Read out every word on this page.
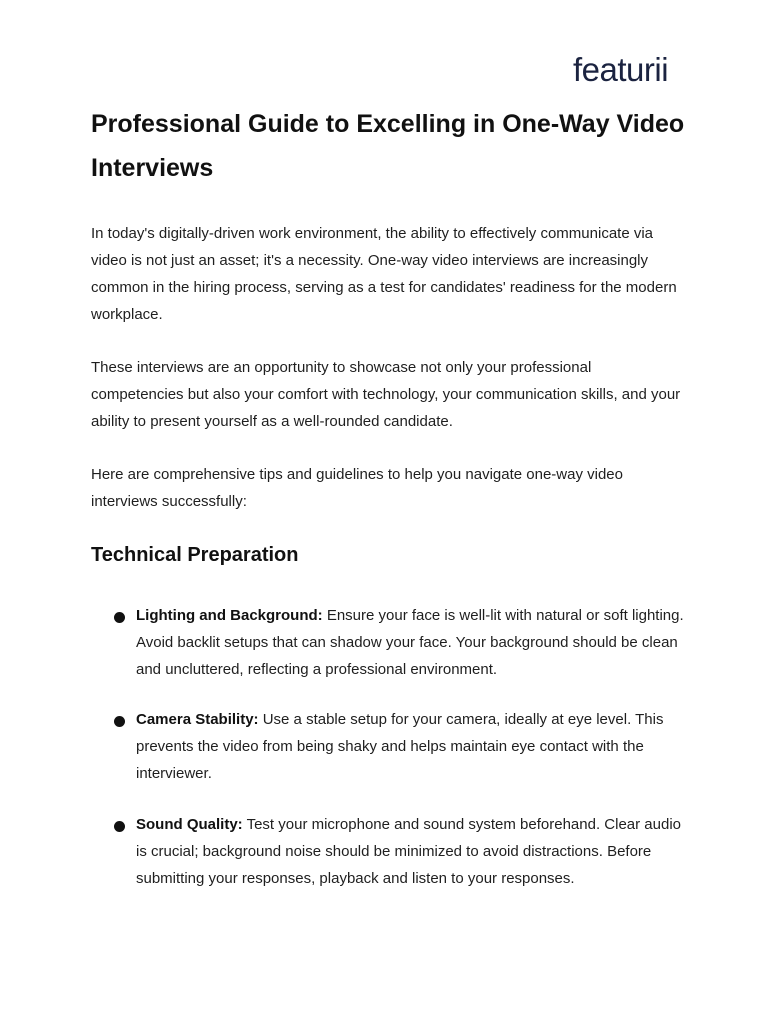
featur ii
Professional Guide to Excelling in One-Way Video Interviews

In today's digitally-driven work environment, the ability to effectively communicate via video is not just an asset; it's a necessity. One-way video interviews are increasingly common in the hiring process, serving as a test for candidates' readiness for the modern workplace.

These interviews are an opportunity to showcase not only your professional competencies but also your comfort with technology, your communication skills, and your ability to present yourself as a well-rounded candidate.

Here are comprehensive tips and guidelines to help you navigate one-way video interviews successfully:

Technical Preparation

Lighting and Background: Ensure your face is well-lit with natural or soft lighting. Avoid backlit setups that can shadow your face. Your background should be clean and uncluttered, reflecting a professional environment.

Camera Stability: Use a stable setup for your camera, ideally at eye level. This prevents the video from being shaky and helps maintain eye contact with the interviewer.

Sound Quality: Test your microphone and sound system beforehand. Clear audio is crucial; background noise should be minimized to avoid distractions. Before submitting your responses, playback and listen to your responses.
